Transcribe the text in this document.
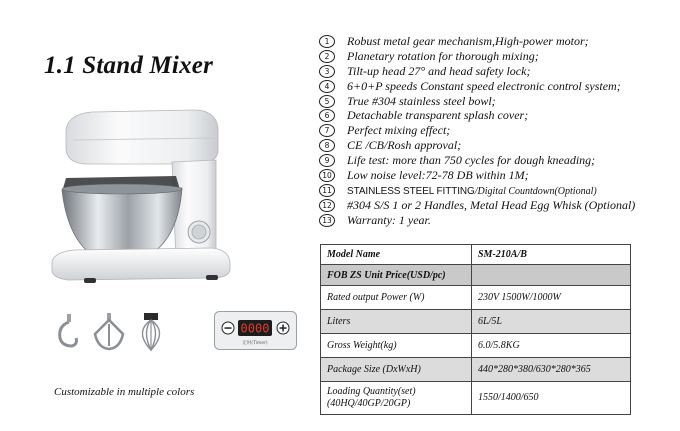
1.1 Stand Mixer
0000
定时(Timer)
Customizable in multiple colors
1 Robust metal gear mechanism,High-power motor;
2 Planetary rotation for thorough mixing;
3 Tilt-up head 27° and head safety lock;
4 6+0+P speeds Constant speed electronic control system;
5 True #304 stainless steel bowl;
6 Detachable transparent splash cover;
7 Perfect mixing effect;
8 CE /CB/Rosh approval;
9 Life test: more than 750 cycles for dough kneading;
10 Low noise level:72-78 DB within 1M;
11 STAINLESS STEEL FITTING/Digital Countdown(Optional)
12 #304 S/S 1 or 2 Handles, Metal Head Egg Whisk (Optional)
13 Warranty: 1 year.
Model Name	SM-210A/B
FOB ZS Unit Price(USD/pc)	
Rated output Power (W)	230V 1500W/1000W
Liters	6L/5L
Gross Weight(kg)	6.0/5.8KG
Package Size (DxWxH)	440*280*380/630*280*365
Loading Quantity(set)
(40HQ/40GP/20GP)	1550/1400/650
